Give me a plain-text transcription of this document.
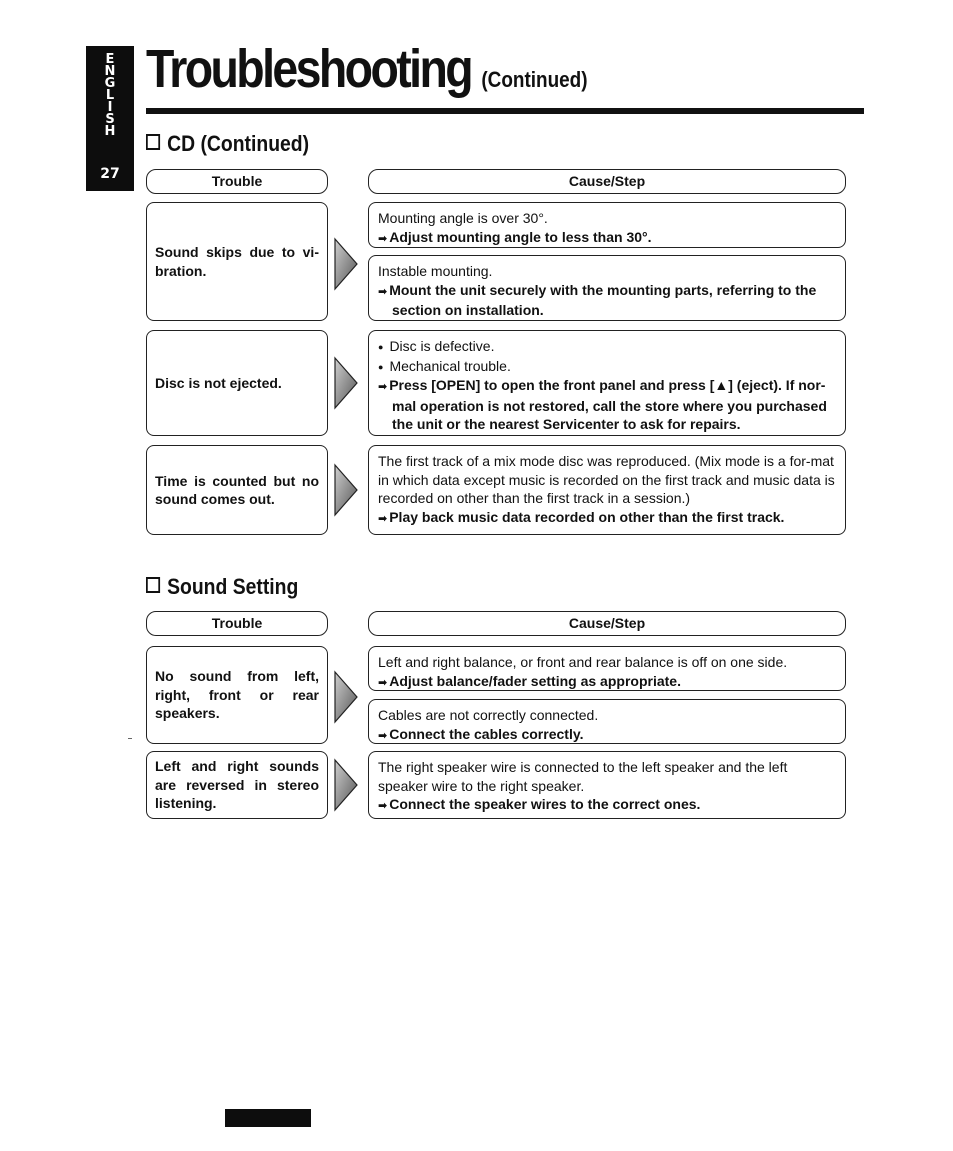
E
N
G
L
I
S
H
27
Troubleshooting (Continued)
CD (Continued)
Trouble	Cause/Step
Sound skips due to vi-bration.
Mounting angle is over 30°.
➡ Adjust mounting angle to less than 30°.
Instable mounting.
➡ Mount the unit securely with the mounting parts, referring to the section on installation.
Disc is not ejected.
● Disc is defective.
● Mechanical trouble.
➡ Press [OPEN] to open the front panel and press [▲] (eject). If nor-mal operation is not restored, call the store where you purchased the unit or the nearest Servicenter to ask for repairs.
Time is counted but no sound comes out.
The first track of a mix mode disc was reproduced. (Mix mode is a for-mat in which data except music is recorded on the first track and music data is recorded on other than the first track in a session.)
➡ Play back music data recorded on other than the first track.
Sound Setting
Trouble	Cause/Step
No sound from left, right, front or rear speakers.
Left and right balance, or front and rear balance is off on one side.
➡ Adjust balance/fader setting as appropriate.
Cables are not correctly connected.
➡ Connect the cables correctly.
Left and right sounds are reversed in stereo listening.
The right speaker wire is connected to the left speaker and the left speaker wire to the right speaker.
➡ Connect the speaker wires to the correct ones.
